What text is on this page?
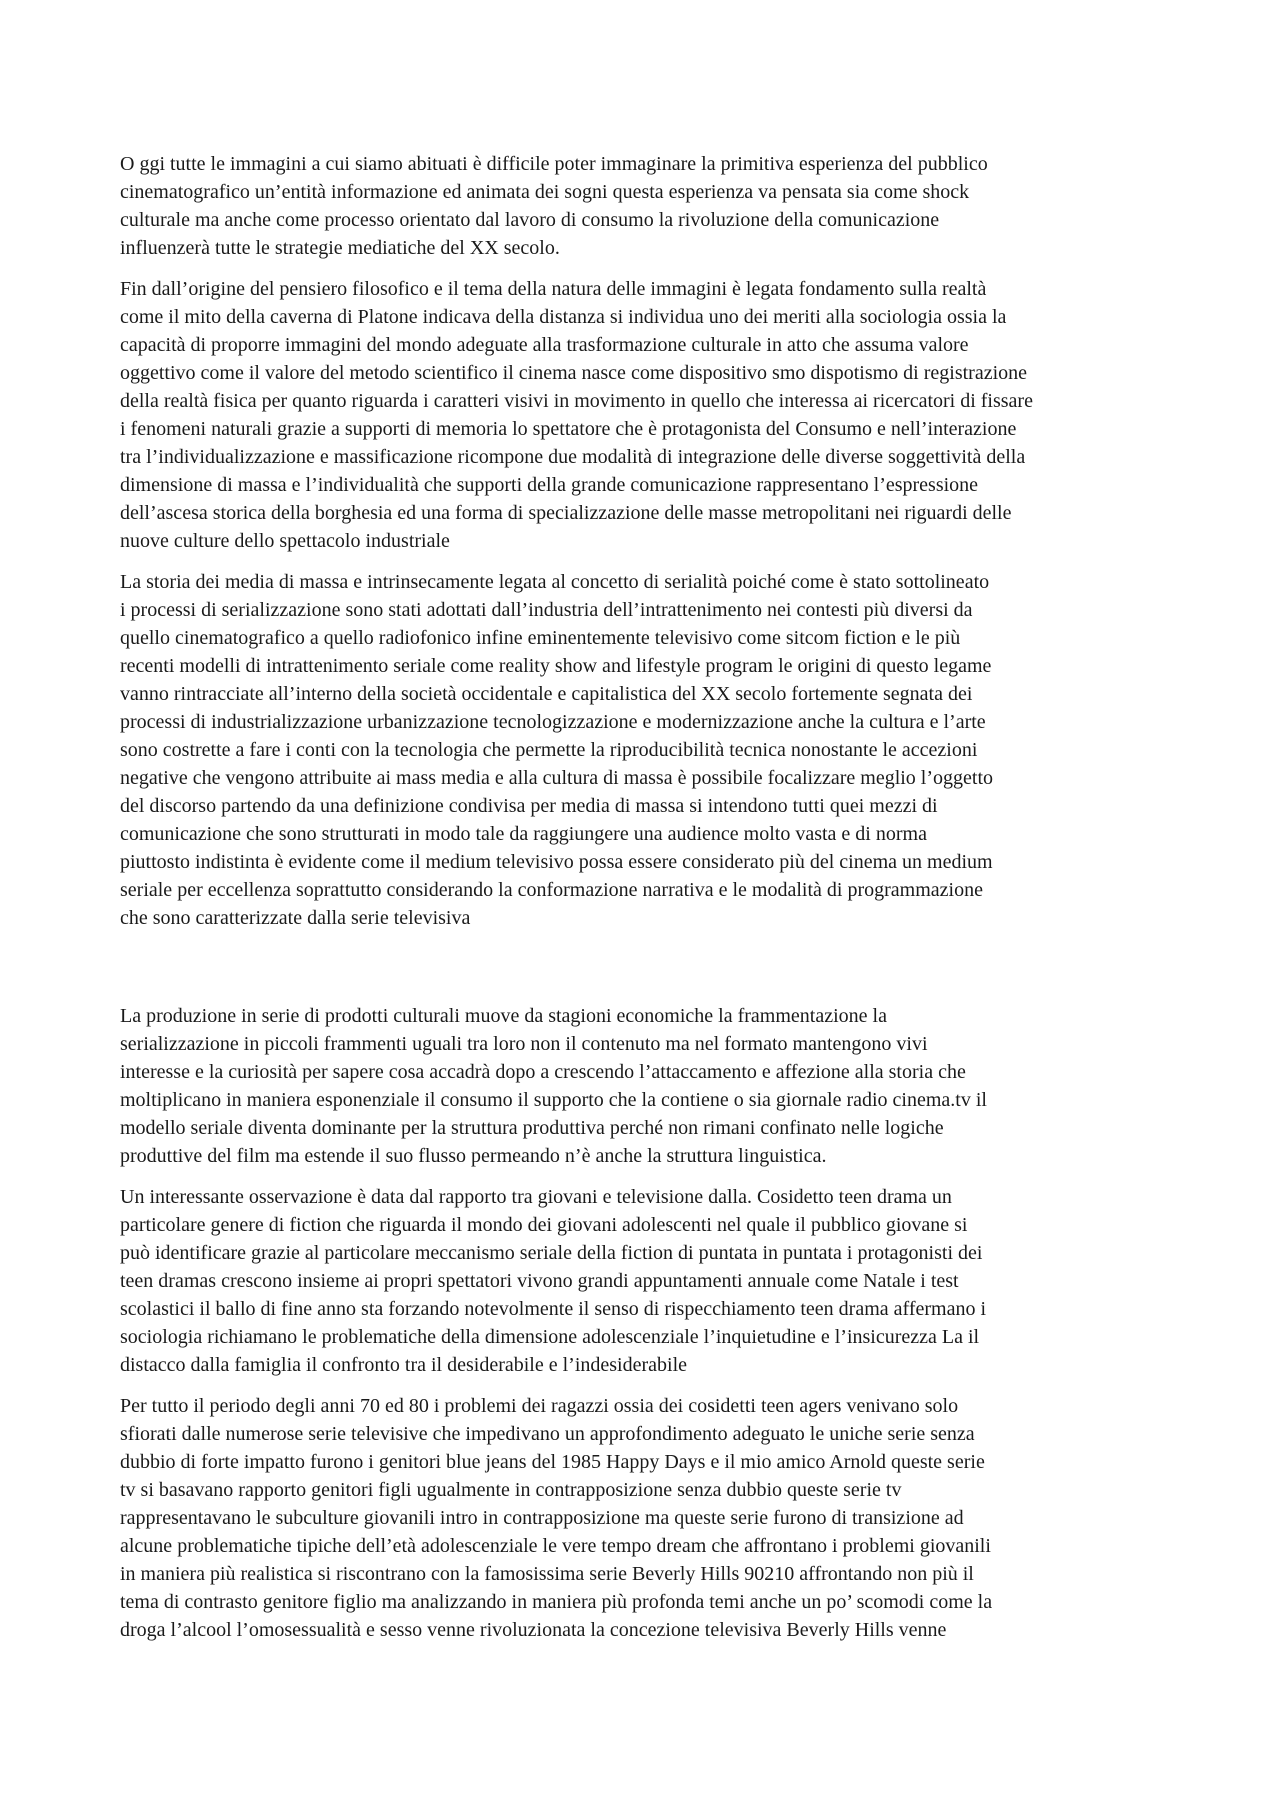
O ggi tutte le immagini a cui siamo abituati è difficile poter immaginare la primitiva esperienza del pubblico
cinematografico un’entità informazione ed animata dei sogni questa esperienza va pensata sia come shock
culturale ma anche come processo orientato dal lavoro di consumo la rivoluzione della comunicazione
influenzerà tutte le strategie mediatiche del XX secolo.

Fin dall’origine del pensiero filosofico e il tema della natura delle immagini è legata fondamento sulla realtà
come il mito della caverna di Platone indicava della distanza si individua uno dei meriti alla sociologia ossia la
capacità di proporre immagini del mondo adeguate alla trasformazione culturale in atto che assuma valore
oggettivo come il valore del metodo scientifico il cinema nasce come dispositivo smo dispotismo di registrazione
della realtà fisica per quanto riguarda i caratteri visivi in movimento in quello che interessa ai ricercatori di fissare
i fenomeni naturali grazie a supporti di memoria lo spettatore che è protagonista del Consumo e nell’interazione
tra l’individualizzazione e massificazione ricompone due modalità di integrazione delle diverse soggettività della
dimensione di massa e l’individualità che supporti della grande comunicazione rappresentano l’espressione
dell’ascesa storica della borghesia ed una forma di specializzazione delle masse metropolitani nei riguardi delle
nuove culture dello spettacolo industriale

La storia dei media di massa e intrinsecamente legata al concetto di serialità poiché come è stato sottolineato
i processi di serializzazione sono stati adottati dall’industria dell’intrattenimento nei contesti più diversi da
quello cinematografico a quello radiofonico infine eminentemente televisivo come sitcom fiction e le più
recenti modelli di intrattenimento seriale come reality show and lifestyle program le origini di questo legame
vanno rintracciate all’interno della società occidentale e capitalistica del XX secolo fortemente segnata dei
processi di industrializzazione urbanizzazione tecnologizzazione e modernizzazione anche la cultura e l’arte
sono costrette a fare i conti con la tecnologia che permette la riproducibilità tecnica nonostante le accezioni
negative che vengono attribuite ai mass media e alla cultura di massa è possibile focalizzare meglio l’oggetto
del discorso partendo da una definizione condivisa per media di massa si intendono tutti quei mezzi di
comunicazione che sono strutturati in modo tale da raggiungere una audience molto vasta e di norma
piuttosto indistinta è evidente come il medium televisivo possa essere considerato più del cinema un medium
seriale per eccellenza soprattutto considerando la conformazione narrativa e le modalità di programmazione
che sono caratterizzate dalla serie televisiva

La produzione in serie di prodotti culturali muove da stagioni economiche la frammentazione la
serializzazione in piccoli frammenti uguali tra loro non il contenuto ma nel formato mantengono vivi
interesse e la curiosità per sapere cosa accadrà dopo a crescendo l’attaccamento e affezione alla storia che
moltiplicano in maniera esponenziale il consumo il supporto che la contiene o sia giornale radio cinema.tv il
modello seriale diventa dominante per la struttura produttiva perché non rimani confinato nelle logiche
produttive del film ma estende il suo flusso permeando n’è anche la struttura linguistica.

Un interessante osservazione è data dal rapporto tra giovani e televisione dalla. Cosidetto teen drama un
particolare genere di fiction che riguarda il mondo dei giovani adolescenti nel quale il pubblico giovane si
può identificare grazie al particolare meccanismo seriale della fiction di puntata in puntata i protagonisti dei
teen dramas crescono insieme ai propri spettatori vivono grandi appuntamenti annuale come Natale i test
scolastici il ballo di fine anno sta forzando notevolmente il senso di rispecchiamento teen drama affermano i
sociologia richiamano le problematiche della dimensione adolescenziale l’inquietudine e l’insicurezza La il
distacco dalla famiglia il confronto tra il desiderabile e l’indesiderabile

Per tutto il periodo degli anni 70 ed 80 i problemi dei ragazzi ossia dei cosidetti teen agers venivano solo
sfiorati dalle numerose serie televisive che impedivano un approfondimento adeguato le uniche serie senza
dubbio di forte impatto furono i genitori blue jeans del 1985 Happy Days e il mio amico Arnold queste serie
tv si basavano rapporto genitori figli ugualmente in contrapposizione senza dubbio queste serie tv
rappresentavano le subculture giovanili intro in contrapposizione ma queste serie furono di transizione ad
alcune problematiche tipiche dell’età adolescenziale le vere tempo dream che affrontano i problemi giovanili
in maniera più realistica si riscontrano con la famosissima serie Beverly Hills 90210 affrontando non più il
tema di contrasto genitore figlio ma analizzando in maniera più profonda temi anche un po’ scomodi come la
droga l’alcool l’omosessualità e sesso venne rivoluzionata la concezione televisiva Beverly Hills venne
